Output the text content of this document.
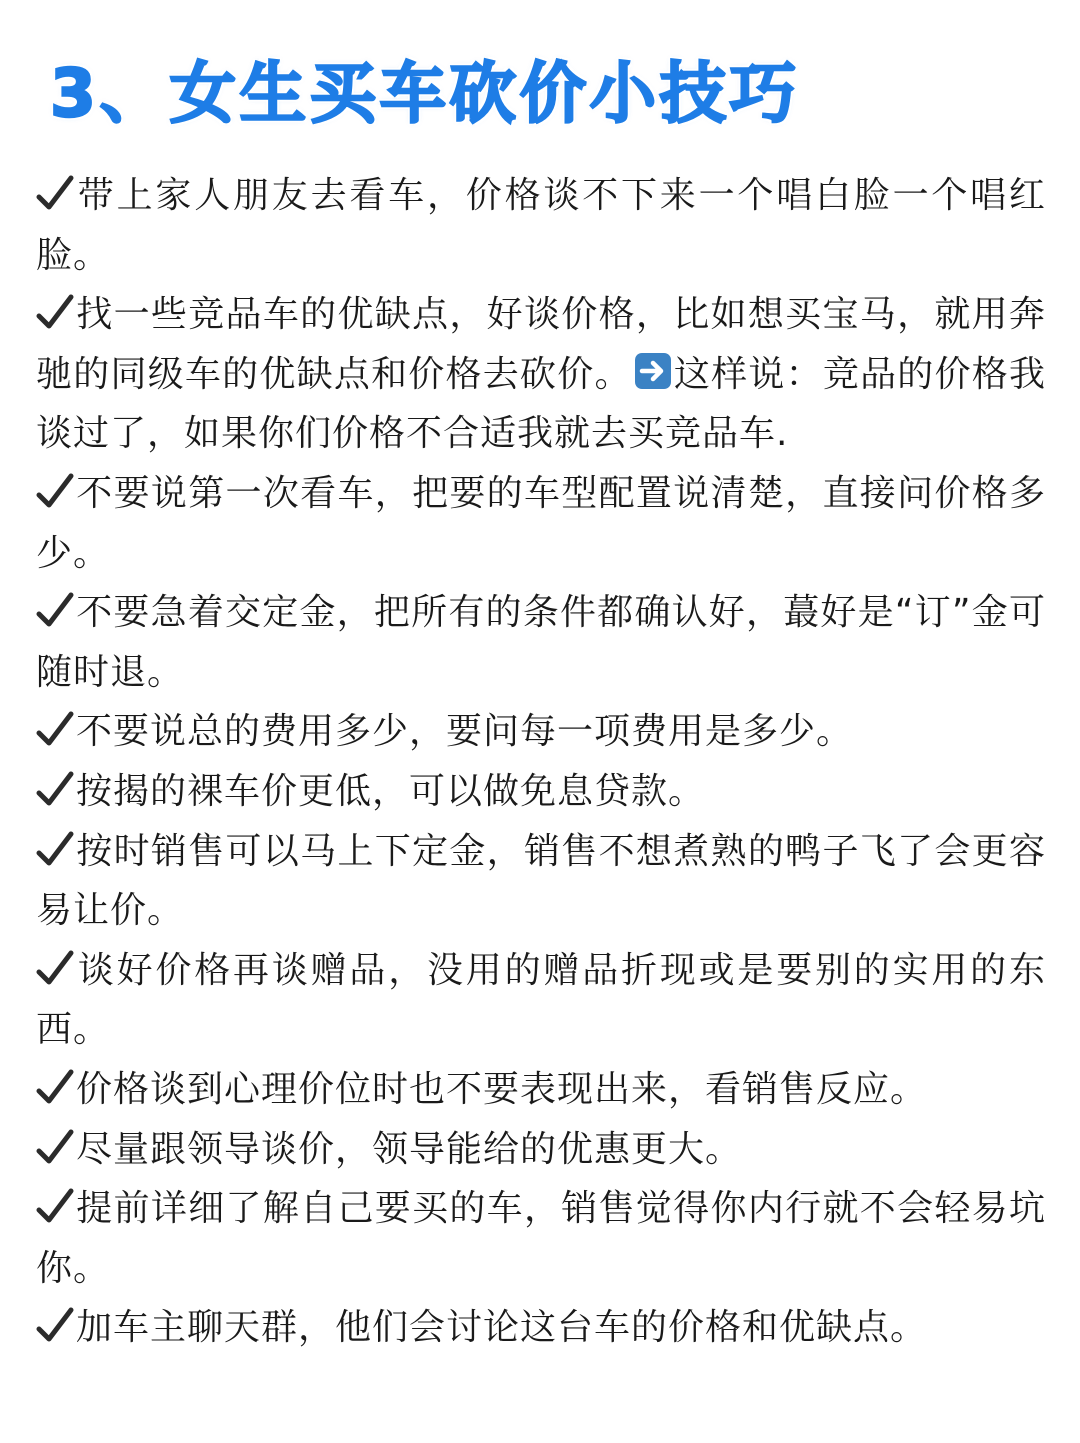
3、女生买车砍价小技巧
带上家人朋友去看车，价格谈不下来一个唱白脸一个唱红脸。
找一些竞品车的优缺点，好谈价格，比如想买宝马，就用奔驰的同级车的优缺点和价格去砍价。 这样说：竞品的价格我谈过了，如果你们价格不合适我就去买竞品车.
不要说第一次看车，把要的车型配置说清楚，直接问价格多少。
不要急着交定金，把所有的条件都确认好，蕞好是“订”金可随时退。
不要说总的费用多少，要问每一项费用是多少。
按揭的裸车价更低，可以做免息贷款。
按时销售可以马上下定金，销售不想煮熟的鸭子飞了会更容易让价。
谈好价格再谈赠品，没用的赠品折现或是要别的实用的东西。
价格谈到心理价位时也不要表现出来，看销售反应。
尽量跟领导谈价，领导能给的优惠更大。
提前详细了解自己要买的车，销售觉得你内行就不会轻易坑你。
加车主聊天群，他们会讨论这台车的价格和优缺点。
